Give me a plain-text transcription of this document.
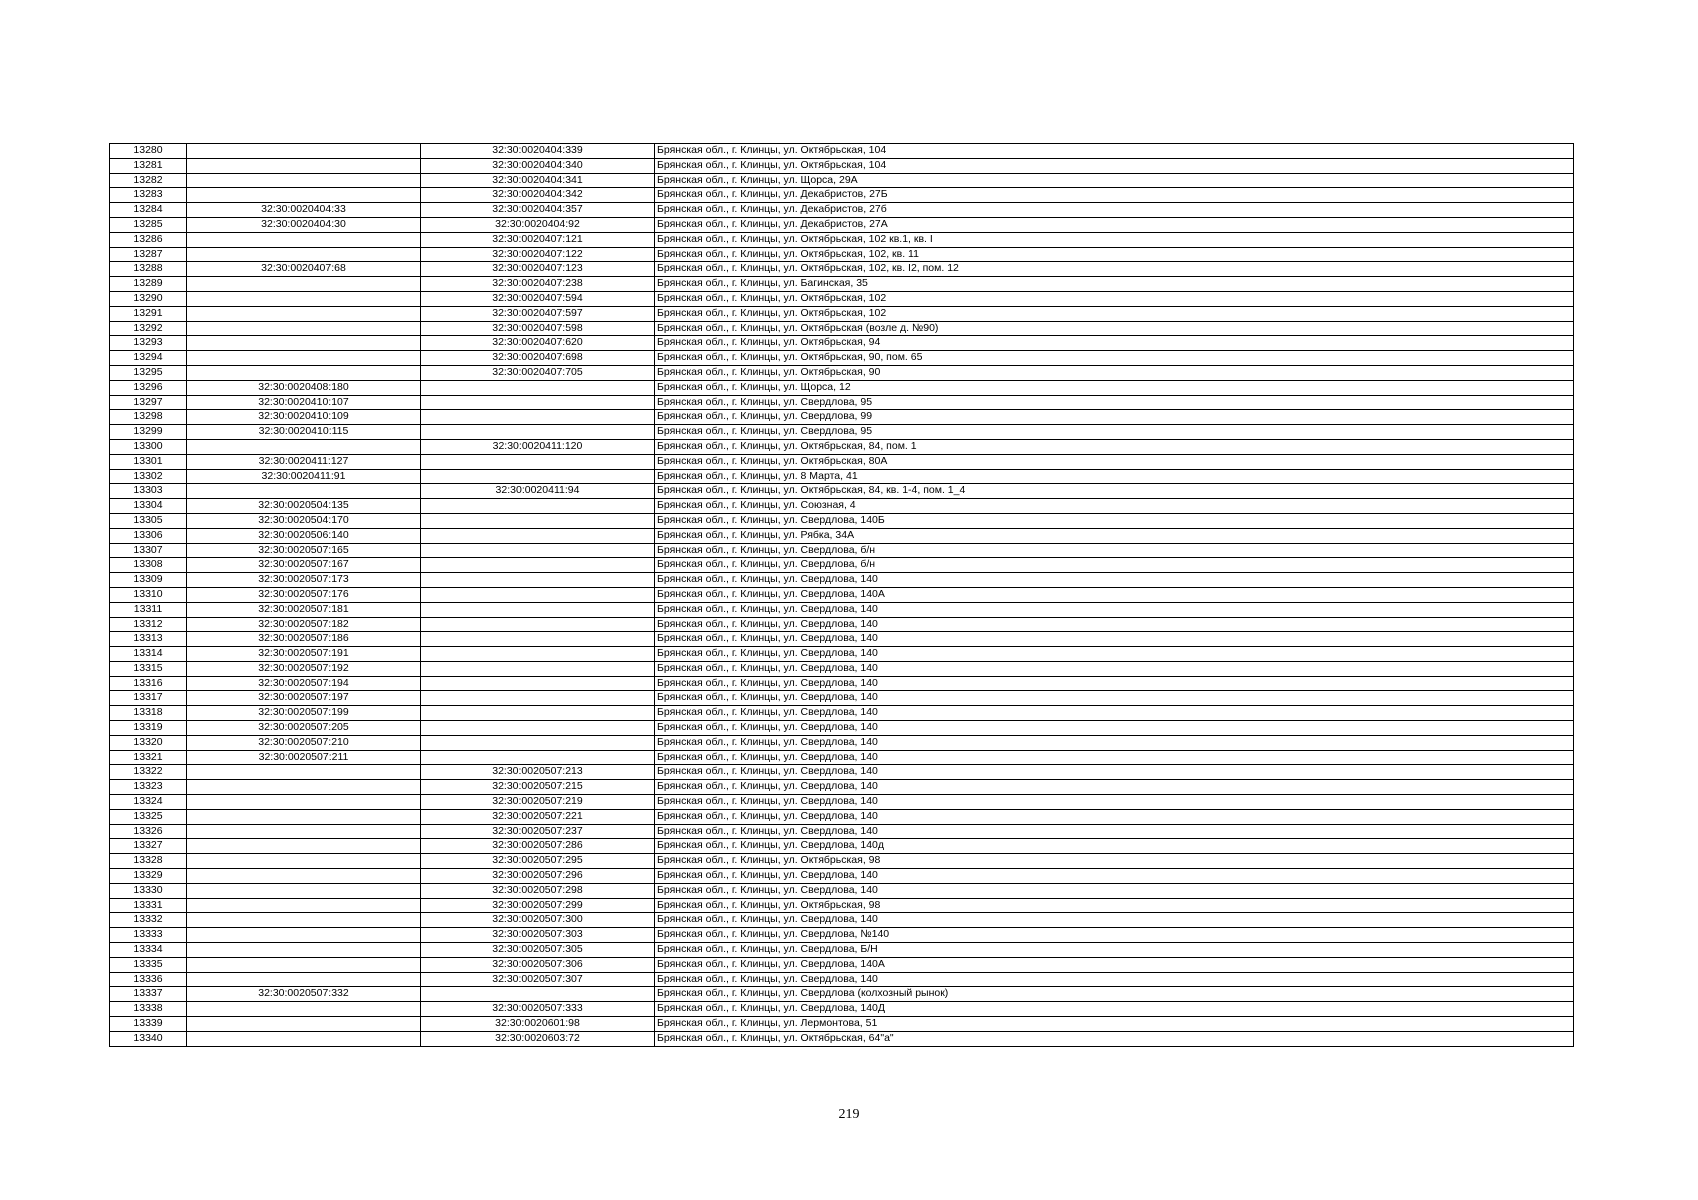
13280		32:30:0020404:339	Брянская обл., г. Клинцы, ул. Октябрьская, 104
13281		32:30:0020404:340	Брянская обл., г. Клинцы, ул. Октябрьская, 104
13282		32:30:0020404:341	Брянская обл., г. Клинцы, ул. Щорса, 29А
13283		32:30:0020404:342	Брянская обл., г. Клинцы, ул. Декабристов, 27Б
13284	32:30:0020404:33	32:30:0020404:357	Брянская обл., г. Клинцы, ул. Декабристов, 27б
13285	32:30:0020404:30	32:30:0020404:92	Брянская обл., г. Клинцы, ул. Декабристов, 27А
13286		32:30:0020407:121	Брянская обл., г. Клинцы, ул. Октябрьская, 102 кв.1, кв. I
13287		32:30:0020407:122	Брянская обл., г. Клинцы, ул. Октябрьская, 102, кв. 11
13288	32:30:0020407:68	32:30:0020407:123	Брянская обл., г. Клинцы, ул. Октябрьская, 102, кв. I2, пом. 12
13289		32:30:0020407:238	Брянская обл., г. Клинцы, ул. Багинская, 35
13290		32:30:0020407:594	Брянская обл., г. Клинцы, ул. Октябрьская, 102
13291		32:30:0020407:597	Брянская обл., г. Клинцы, ул. Октябрьская, 102
13292		32:30:0020407:598	Брянская обл., г. Клинцы, ул. Октябрьская (возле д. №90)
13293		32:30:0020407:620	Брянская обл., г. Клинцы, ул. Октябрьская, 94
13294		32:30:0020407:698	Брянская обл., г. Клинцы, ул. Октябрьская, 90, пом. 65
13295		32:30:0020407:705	Брянская обл., г. Клинцы, ул. Октябрьская, 90
13296	32:30:0020408:180		Брянская обл., г. Клинцы, ул. Щорса, 12
13297	32:30:0020410:107		Брянская обл., г. Клинцы, ул. Свердлова, 95
13298	32:30:0020410:109		Брянская обл., г. Клинцы, ул. Свердлова, 99
13299	32:30:0020410:115		Брянская обл., г. Клинцы, ул. Свердлова, 95
13300		32:30:0020411:120	Брянская обл., г. Клинцы, ул. Октябрьская, 84, пом. 1
13301	32:30:0020411:127		Брянская обл., г. Клинцы, ул. Октябрьская, 80А
13302	32:30:0020411:91		Брянская обл., г. Клинцы, ул. 8 Марта, 41
13303		32:30:0020411:94	Брянская обл., г. Клинцы, ул. Октябрьская, 84, кв. 1-4, пом. 1_4
13304	32:30:0020504:135		Брянская обл., г. Клинцы, ул. Союзная, 4
13305	32:30:0020504:170		Брянская обл., г. Клинцы, ул. Свердлова, 140Б
13306	32:30:0020506:140		Брянская обл., г. Клинцы, ул. Рябка, 34А
13307	32:30:0020507:165		Брянская обл., г. Клинцы, ул. Свердлова, б/н
13308	32:30:0020507:167		Брянская обл., г. Клинцы, ул. Свердлова, б/н
13309	32:30:0020507:173		Брянская обл., г. Клинцы, ул. Свердлова, 140
13310	32:30:0020507:176		Брянская обл., г. Клинцы, ул. Свердлова, 140А
13311	32:30:0020507:181		Брянская обл., г. Клинцы, ул. Свердлова, 140
13312	32:30:0020507:182		Брянская обл., г. Клинцы, ул. Свердлова, 140
13313	32:30:0020507:186		Брянская обл., г. Клинцы, ул. Свердлова, 140
13314	32:30:0020507:191		Брянская обл., г. Клинцы, ул. Свердлова, 140
13315	32:30:0020507:192		Брянская обл., г. Клинцы, ул. Свердлова, 140
13316	32:30:0020507:194		Брянская обл., г. Клинцы, ул. Свердлова, 140
13317	32:30:0020507:197		Брянская обл., г. Клинцы, ул. Свердлова, 140
13318	32:30:0020507:199		Брянская обл., г. Клинцы, ул. Свердлова, 140
13319	32:30:0020507:205		Брянская обл., г. Клинцы, ул. Свердлова, 140
13320	32:30:0020507:210		Брянская обл., г. Клинцы, ул. Свердлова, 140
13321	32:30:0020507:211		Брянская обл., г. Клинцы, ул. Свердлова, 140
13322		32:30:0020507:213	Брянская обл., г. Клинцы, ул. Свердлова, 140
13323		32:30:0020507:215	Брянская обл., г. Клинцы, ул. Свердлова, 140
13324		32:30:0020507:219	Брянская обл., г. Клинцы, ул. Свердлова, 140
13325		32:30:0020507:221	Брянская обл., г. Клинцы, ул. Свердлова, 140
13326		32:30:0020507:237	Брянская обл., г. Клинцы, ул. Свердлова, 140
13327		32:30:0020507:286	Брянская обл., г. Клинцы, ул. Свердлова, 140д
13328		32:30:0020507:295	Брянская обл., г. Клинцы, ул. Октябрьская, 98
13329		32:30:0020507:296	Брянская обл., г. Клинцы, ул. Свердлова, 140
13330		32:30:0020507:298	Брянская обл., г. Клинцы, ул. Свердлова, 140
13331		32:30:0020507:299	Брянская обл., г. Клинцы, ул. Октябрьская, 98
13332		32:30:0020507:300	Брянская обл., г. Клинцы, ул. Свердлова, 140
13333		32:30:0020507:303	Брянская обл., г. Клинцы, ул. Свердлова, №140
13334		32:30:0020507:305	Брянская обл., г. Клинцы, ул. Свердлова, Б/Н
13335		32:30:0020507:306	Брянская обл., г. Клинцы, ул. Свердлова, 140А
13336		32:30:0020507:307	Брянская обл., г. Клинцы, ул. Свердлова, 140
13337	32:30:0020507:332		Брянская обл., г. Клинцы, ул. Свердлова (колхозный рынок)
13338		32:30:0020507:333	Брянская обл., г. Клинцы, ул. Свердлова, 140Д
13339		32:30:0020601:98	Брянская обл., г. Клинцы, ул. Лермонтова, 51
13340		32:30:0020603:72	Брянская обл., г. Клинцы, ул. Октябрьская, 64"а"
219
